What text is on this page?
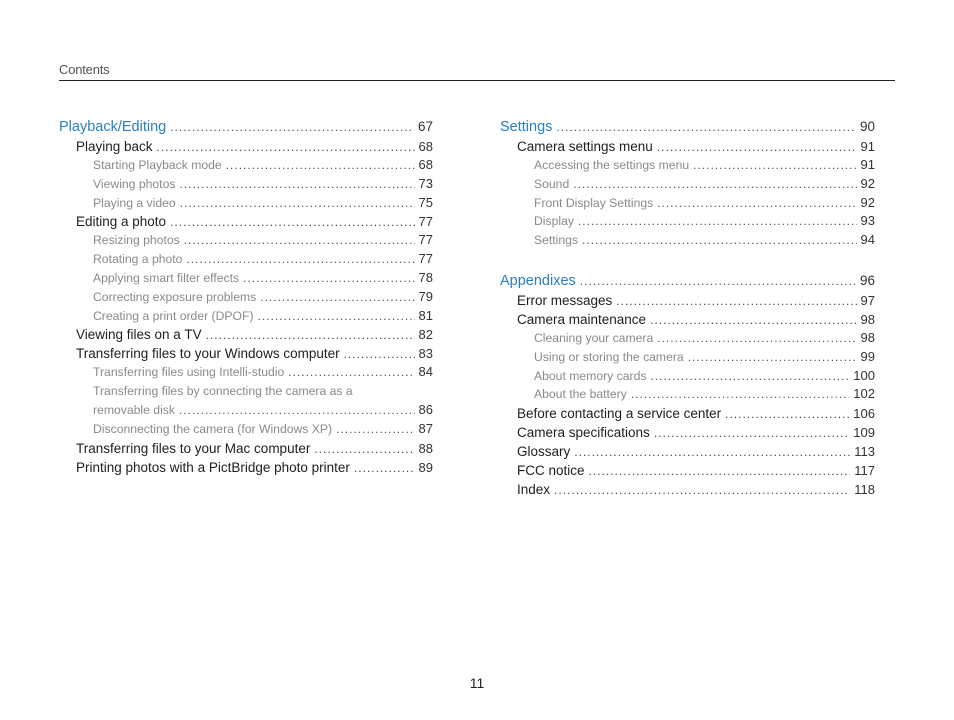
Contents
Playback/Editing .....	67
Playing back .....	68
Starting Playback mode .....	68
Viewing photos .....	73
Playing a video .....	75
Editing a photo .....	77
Resizing photos .....	77
Rotating a photo .....	77
Applying smart filter effects .....	78
Correcting exposure problems .....	79
Creating a print order (DPOF) .....	81
Viewing files on a TV .....	82
Transferring files to your Windows computer .....	83
Transferring files using Intelli-studio .....	84
Transferring files by connecting the camera as a
removable disk .....	86
Disconnecting the camera (for Windows XP) .....	87
Transferring files to your Mac computer .....	88
Printing photos with a PictBridge photo printer .....	89
Settings .....	90
Camera settings menu .....	91
Accessing the settings menu .....	91
Sound .....	92
Front Display Settings .....	92
Display .....	93
Settings .....	94
Appendixes .....	96
Error messages .....	97
Camera maintenance .....	98
Cleaning your camera .....	98
Using or storing the camera .....	99
About memory cards .....	100
About the battery .....	102
Before contacting a service center .....	106
Camera specifications .....	109
Glossary .....	113
FCC notice .....	117
Index .....	118
11
